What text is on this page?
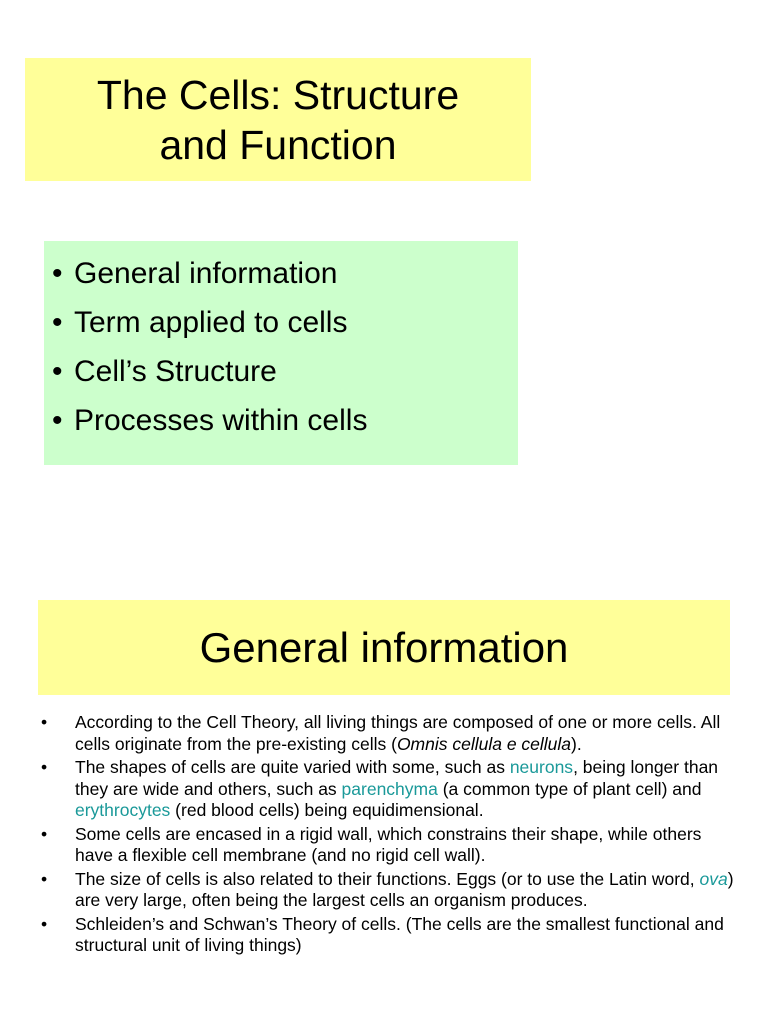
The Cells: Structure
and Function
• General information
• Term applied to cells
• Cell’s Structure
• Processes within cells
General information
• According to the Cell Theory, all living things are composed of one or more cells. All cells originate from the pre-existing cells (Omnis cellula e cellula).
• The shapes of cells are quite varied with some, such as neurons, being longer than they are wide and others, such as parenchyma (a common type of plant cell) and erythrocytes (red blood cells) being equidimensional.
• Some cells are encased in a rigid wall, which constrains their shape, while others have a flexible cell membrane (and no rigid cell wall).
• The size of cells is also related to their functions. Eggs (or to use the Latin word, ova) are very large, often being the largest cells an organism produces.
• Schleiden’s and Schwan’s Theory of cells. (The cells are the smallest functional and structural unit of living things)
